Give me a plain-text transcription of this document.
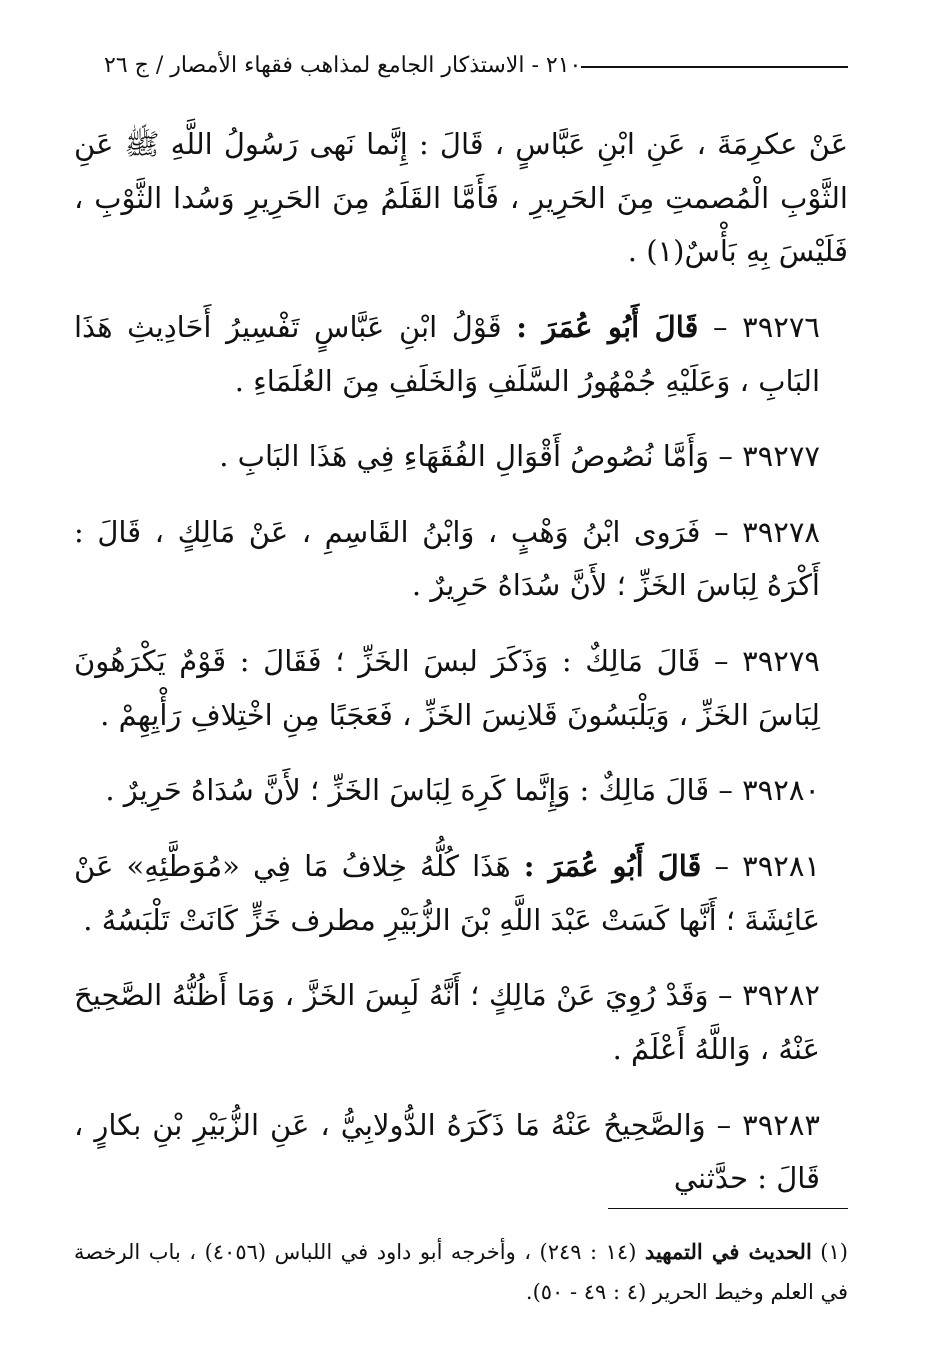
٢١٠ - الاستذكار الجامع لمذاهب فقهاء الأمصار / ج ٢٦

عَنْ عكرِمَةَ ، عَنِ ابْنِ عَبَّاسٍ ، قَالَ : إِنَّما نَهى رَسُولُ اللَّهِ ﷺ عَنِ الثَّوْبِ الْمُصمتِ مِنَ الحَرِيرِ ، فَأَمَّا القَلَمُ مِنَ الحَرِيرِ وَسُدا الثَّوْبِ ، فَلَيْسَ بِهِ بَأْسٌ(١) .

٣٩٢٧٦ – قَالَ أَبُو عُمَرَ : قَوْلُ ابْنِ عَبَّاسٍ تَفْسِيرُ أَحَادِيثِ هَذَا البَابِ ، وَعَلَيْهِ جُمْهُورُ السَّلَفِ وَالخَلَفِ مِنَ العُلَمَاءِ .

٣٩٢٧٧ – وَأَمَّا نُصُوصُ أَقْوَالِ الفُقَهَاءِ فِي هَذَا البَابِ .

٣٩٢٧٨ – فَرَوى ابْنُ وَهْبٍ ، وَابْنُ القَاسِمِ ، عَنْ مَالِكٍ ، قَالَ : أَكْرَهُ لِبَاسَ الخَزِّ ؛ لأَنَّ سُدَاهُ حَرِيرٌ .

٣٩٢٧٩ – قَالَ مَالِكٌ : وَذَكَرَ لبسَ الخَزِّ ؛ فَقَالَ : قَوْمٌ يَكْرَهُونَ لِبَاسَ الخَزِّ ، وَيَلْبَسُونَ قَلانِسَ الخَزِّ ، فَعَجَبًا مِنِ اخْتِلافِ رَأْيِهِمْ .

٣٩٢٨٠ – قَالَ مَالِكٌ : وَإِنَّما كَرِهَ لِبَاسَ الخَزِّ ؛ لأَنَّ سُدَاهُ حَرِيرٌ .

٣٩٢٨١ – قَالَ أَبُو عُمَرَ : هَذَا كُلُّهُ خِلافُ مَا فِي «مُوَطَّئِهِ» عَنْ عَائِشَةَ ؛ أَنَّها كَسَتْ عَبْدَ اللَّهِ بْنَ الزُّبَيْرِ مطرف خَزٍّ كَانَتْ تَلْبَسُهُ .

٣٩٢٨٢ – وَقَدْ رُوِيَ عَنْ مَالِكٍ ؛ أَنَّهُ لَبِسَ الخَزَّ ، وَمَا أَظُنُّهُ الصَّحِيحَ عَنْهُ ، وَاللَّهُ أَعْلَمُ .

٣٩٢٨٣ – وَالصَّحِيحُ عَنْهُ مَا ذَكَرَهُ الدُّولابِيُّ ، عَنِ الزُّبَيْرِ بْنِ بكارٍ ، قَالَ : حدَّثني

(١) الحديث في التمهيد (١٤ : ٢٤٩) ، وأخرجه أبو داود في اللباس (٤٠٥٦) ، باب الرخصة في العلم وخيط الحرير (٤ : ٤٩ - ٥٠).
